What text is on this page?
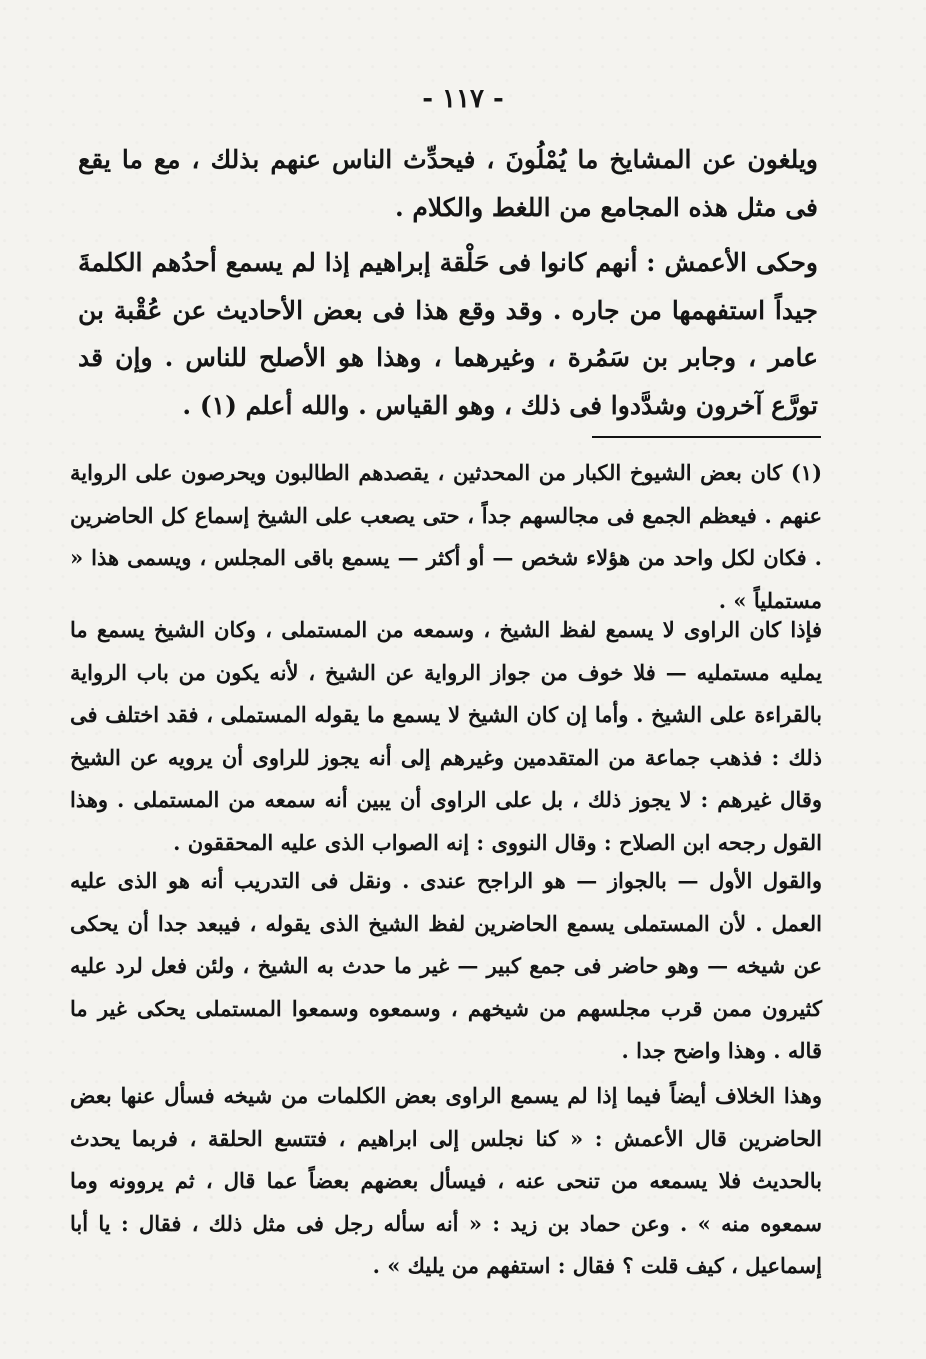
- ١١٧ -

ويلغون عن المشايخ ما يُمْلُونَ ، فيحدِّث الناس عنهم بذلك ، مع ما يقع فى مثل هذه المجامع من اللغط والكلام .

وحكى الأعمش : أنهم كانوا فى حَلْقة إبراهيم إذا لم يسمع أحدُهم الكلمةَ جيداً استفهمها من جاره . وقد وقع هذا فى بعض الأحاديث عن عُقْبة بن عامر ، وجابر بن سَمُرة ، وغيرهما ، وهذا هو الأصلح للناس . وإن قد تورَّع آخرون وشدَّدوا فى ذلك ، وهو القياس . والله أعلم (١) .

(١) كان بعض الشيوخ الكبار من المحدثين ، يقصدهم الطالبون ويحرصون على الرواية عنهم . فيعظم الجمع فى مجالسهم جداً ، حتى يصعب على الشيخ إسماع كل الحاضرين . فكان لكل واحد من هؤلاء شخص — أو أكثر — يسمع باقى المجلس ، ويسمى هذا « مستملياً » .

فإذا كان الراوى لا يسمع لفظ الشيخ ، وسمعه من المستملى ، وكان الشيخ يسمع ما يمليه مستمليه — فلا خوف من جواز الرواية عن الشيخ ، لأنه يكون من باب الرواية بالقراءة على الشيخ . وأما إن كان الشيخ لا يسمع ما يقوله المستملى ، فقد اختلف فى ذلك : فذهب جماعة من المتقدمين وغيرهم إلى أنه يجوز للراوى أن يرويه عن الشيخ وقال غيرهم : لا يجوز ذلك ، بل على الراوى أن يبين أنه سمعه من المستملى . وهذا القول رجحه ابن الصلاح : وقال النووى : إنه الصواب الذى عليه المحققون .

والقول الأول — بالجواز — هو الراجح عندى . ونقل فى التدريب أنه هو الذى عليه العمل . لأن المستملى يسمع الحاضرين لفظ الشيخ الذى يقوله ، فيبعد جدا أن يحكى عن شيخه — وهو حاضر فى جمع كبير — غير ما حدث به الشيخ ، ولئن فعل لرد عليه كثيرون ممن قرب مجلسهم من شيخهم ، وسمعوه وسمعوا المستملى يحكى غير ما قاله . وهذا واضح جدا .

وهذا الخلاف أيضاً فيما إذا لم يسمع الراوى بعض الكلمات من شيخه فسأل عنها بعض الحاضرين قال الأعمش : « كنا نجلس إلى ابراهيم ، فتتسع الحلقة ، فربما يحدث بالحديث فلا يسمعه من تنحى عنه ، فيسأل بعضهم بعضاً عما قال ، ثم يروونه وما سمعوه منه » . وعن حماد بن زيد : « أنه سأله رجل فى مثل ذلك ، فقال : يا أبا إسماعيل ، كيف قلت ؟ فقال : استفهم من يليك » .
